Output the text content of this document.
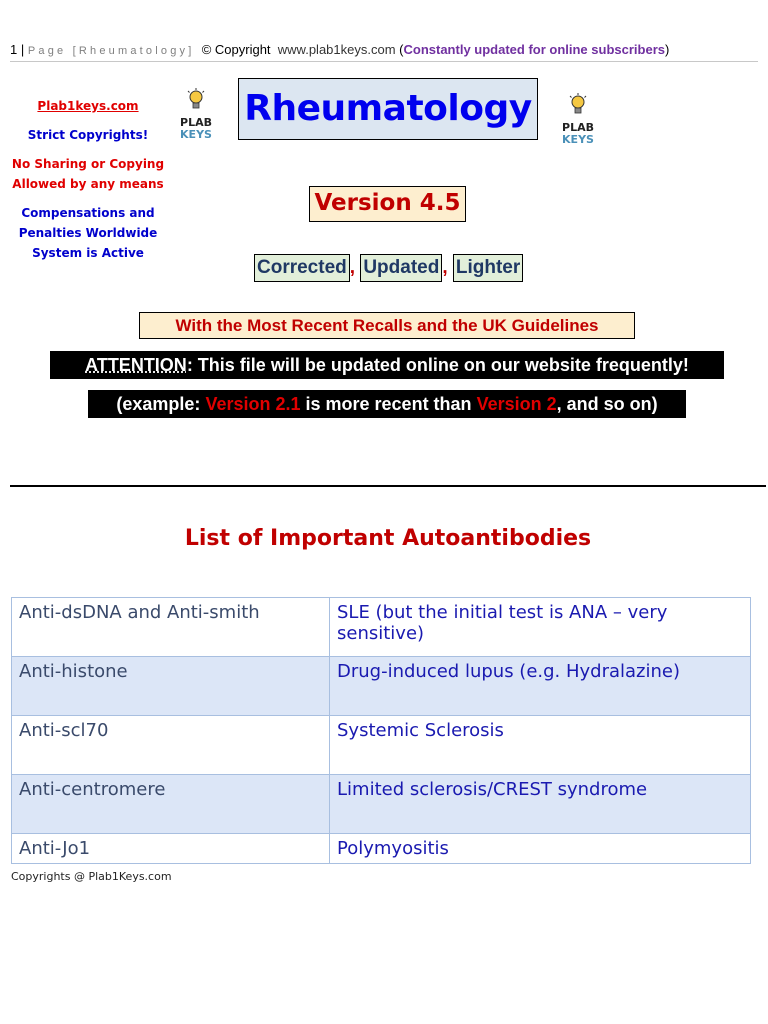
1 | Page [Rheumatology] © Copyright www.plab1keys.com (Constantly updated for online subscribers)
Plab1keys.com
Strict Copyrights!
No Sharing or Copying
Allowed by any means
Compensations and
Penalties Worldwide
System is Active
PLAB
KEYS
PLAB
KEYS
Rheumatology
Version 4.5
Corrected , Updated , Lighter
With the Most Recent Recalls and the UK Guidelines
ATTENTION: This file will be updated online on our website frequently!
(example: Version 2.1 is more recent than Version 2, and so on)
List of Important Autoantibodies
Anti-dsDNA and Anti-smith	SLE (but the initial test is ANA – very sensitive)
Anti-histone	Drug-induced lupus (e.g. Hydralazine)
Anti-scl70	Systemic Sclerosis
Anti-centromere	Limited sclerosis/CREST syndrome
Anti-Jo1	Polymyositis
Copyrights @ Plab1Keys.com
